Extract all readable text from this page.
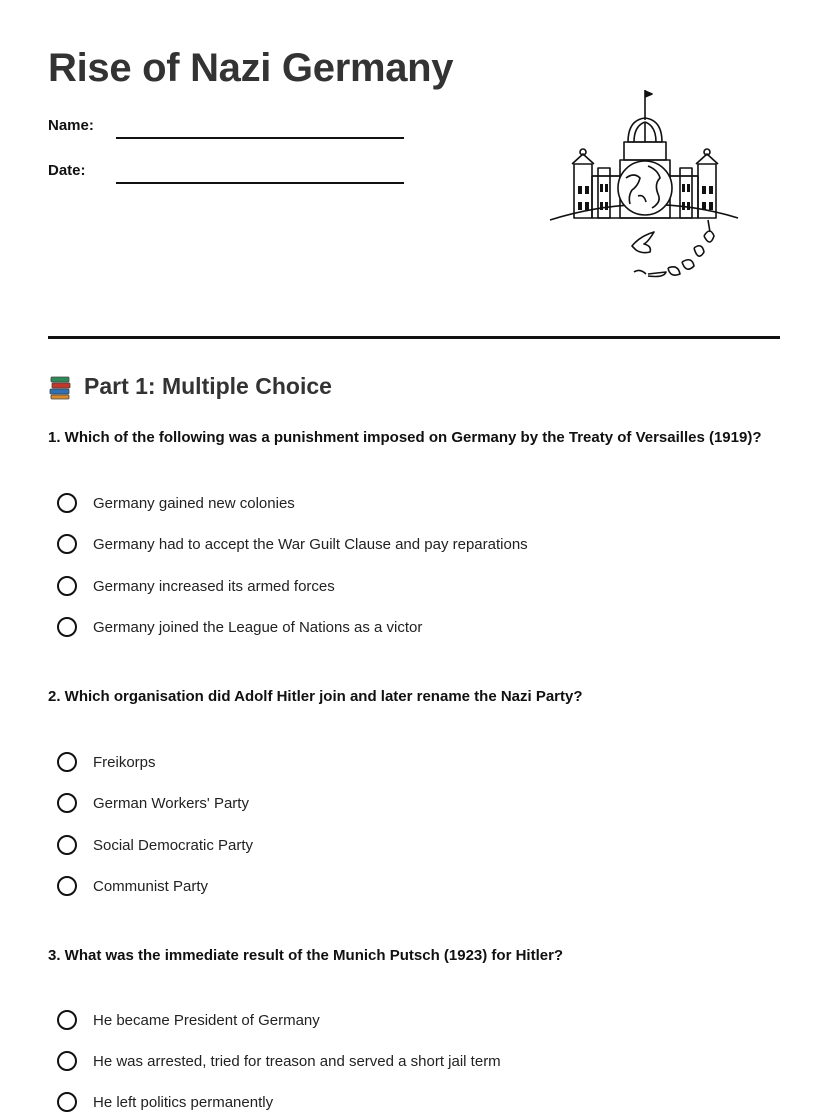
Rise of Nazi Germany
Name:
Date:
Part 1: Multiple Choice

1. Which of the following was a punishment imposed on Germany by the Treaty of Versailles (1919)?

Germany gained new colonies
Germany had to accept the War Guilt Clause and pay reparations
Germany increased its armed forces
Germany joined the League of Nations as a victor

2. Which organisation did Adolf Hitler join and later rename the Nazi Party?

Freikorps
German Workers' Party
Social Democratic Party
Communist Party

3. What was the immediate result of the Munich Putsch (1923) for Hitler?

He became President of Germany
He was arrested, tried for treason and served a short jail term
He left politics permanently
